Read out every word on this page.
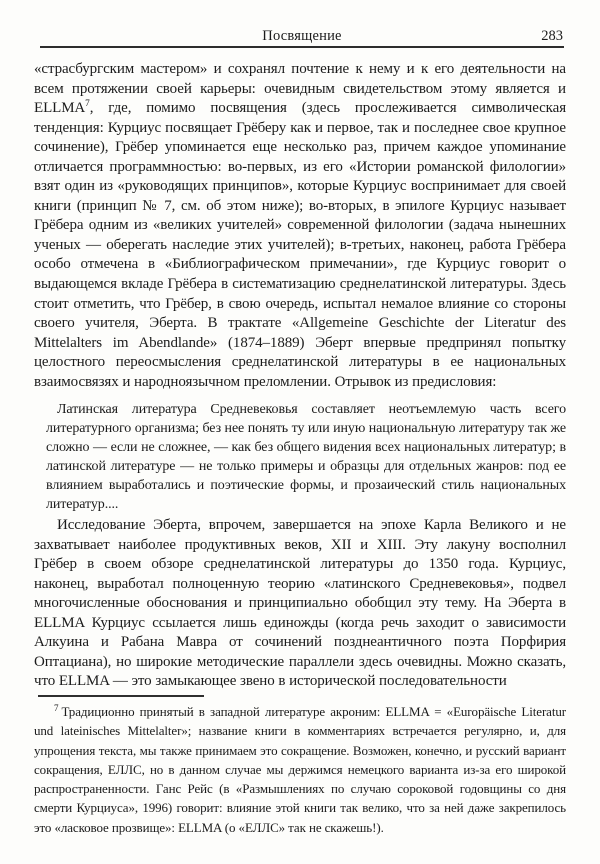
Посвящение	283
«страсбургским мастером» и сохранял почтение к нему и к его деятельности на всем протяжении своей карьеры: очевидным свидетельством этому является и ELLMA$^7$, где, помимо посвящения (здесь прослеживается символическая тенденция: Курциус посвящает Грёберу как и первое, так и последнее свое крупное сочинение), Грёбер упоминается еще несколько раз, причем каждое упоминание отличается программностью: во-первых, из его «Истории романской филологии» взят один из «руководящих принципов», которые Курциус воспринимает для своей книги (принцип № 7, см. об этом ниже); во-вторых, в эпилоге Курциус называет Грёбера одним из «великих учителей» современной филологии (задача нынешних ученых — оберегать наследие этих учителей); в-третьих, наконец, работа Грёбера особо отмечена в «Библиографическом примечании», где Курциус говорит о выдающемся вкладе Грёбера в систематизацию среднелатинской литературы. Здесь стоит отметить, что Грёбер, в свою очередь, испытал немалое влияние со стороны своего учителя, Эберта. В трактате «Allgemeine Geschichte der Literatur des Mittelalters im Abendlande» (1874–1889) Эберт впервые предпринял попытку целостного переосмысления среднелатинской литературы в ее национальных взаимосвязях и народноязычном преломлении. Отрывок из предисловия:
Латинская литература Средневековья составляет неотъемлемую часть всего литературного организма; без нее понять ту или иную национальную литературу так же сложно — если не сложнее, — как без общего видения всех национальных литератур; в латинской литературе — не только примеры и образцы для отдельных жанров: под ее влиянием выработались и поэтические формы, и прозаический стиль национальных литератур....
Исследование Эберта, впрочем, завершается на эпохе Карла Великого и не захватывает наиболее продуктивных веков, XII и XIII. Эту лакуну восполнил Грёбер в своем обзоре среднелатинской литературы до 1350 года. Курциус, наконец, выработал полноценную теорию «латинского Средневековья», подвел многочисленные обоснования и принципиально обобщил эту тему. На Эберта в ELLMA Курциус ссылается лишь единожды (когда речь заходит о зависимости Алкуина и Рабана Мавра от сочинений позднеантичного поэта Порфирия Оптациана), но широкие методические параллели здесь очевидны. Можно сказать, что ELLMA — это замыкающее звено в исторической последовательности
$^7$ Традиционно принятый в западной литературе акроним: ELLMA = «Europäische Literatur und lateinisches Mittelalter»; название книги в комментариях встречается регулярно, и, для упрощения текста, мы также принимаем это сокращение. Возможен, конечно, и русский вариант сокращения, ЕЛЛС, но в данном случае мы держимся немецкого варианта из-за его широкой распространенности. Ганс Рейс (в «Размышлениях по случаю сороковой годовщины со дня смерти Курциуса», 1996) говорит: влияние этой книги так велико, что за ней даже закрепилось это «ласковое прозвище»: ELLMA (о «ЕЛЛС» так не скажешь!).
